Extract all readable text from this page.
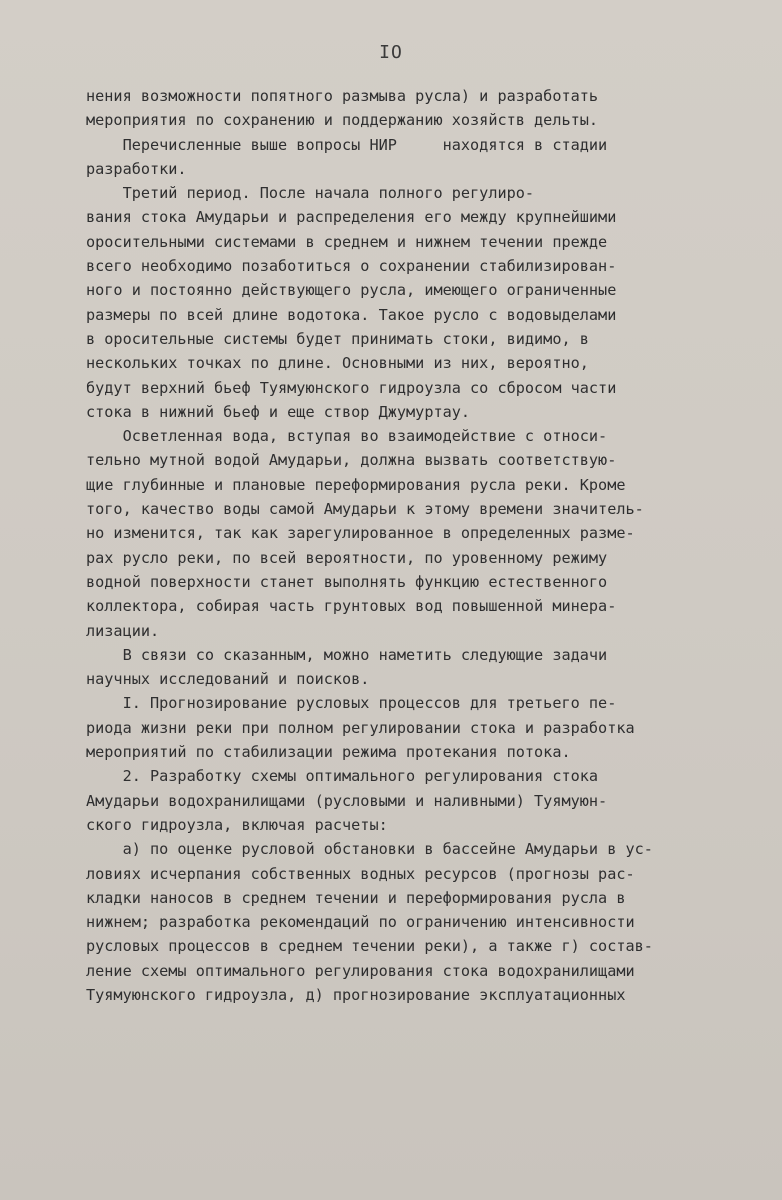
IO
нения возможности попятного размыва русла) и разработать
мероприятия по сохранению и поддержанию хозяйств дельты.
Перечисленные выше вопросы НИР     находятся в стадии
разработки.
Третий период. После начала полного регулиро-
вания стока Амударьи и распределения его между крупнейшими
оросительными системами в среднем и нижнем течении прежде
всего необходимо позаботиться о сохранении стабилизирован-
ного и постоянно действующего русла, имеющего ограниченные
размеры по всей длине водотока. Такое русло с водовыделами
в оросительные системы будет принимать стоки, видимо, в
нескольких точках по длине. Основными из них, вероятно,
будут верхний бьеф Туямуюнского гидроузла со сбросом части
стока в нижний бьеф и еще створ Джумуртау.
Осветленная вода, вступая во взаимодействие с относи-
тельно мутной водой Амударьи, должна вызвать соответствую-
щие глубинные и плановые переформирования русла реки. Кроме
того, качество воды самой Амударьи к этому времени значитель-
но изменится, так как зарегулированное в определенных разме-
рах русло реки, по всей вероятности, по уровенному режиму
водной поверхности станет выполнять функцию естественного
коллектора, собирая часть грунтовых вод повышенной минера-
лизации.
В связи со сказанным, можно наметить следующие задачи
научных исследований и поисков.
I. Прогнозирование русловых процессов для третьего пе-
риода жизни реки при полном регулировании стока и разработка
мероприятий по стабилизации режима протекания потока.
2. Разработку схемы оптимального регулирования стока
Амударьи водохранилищами (русловыми и наливными) Туямуюн-
ского гидроузла, включая расчеты:
а) по оценке русловой обстановки в бассейне Амударьи в ус-
ловиях исчерпания собственных водных ресурсов (прогнозы рас-
кладки наносов в среднем течении и переформирования русла в
нижнем; разработка рекомендаций по ограничению интенсивности
русловых процессов в среднем течении реки), а также г) состав-
ление схемы оптимального регулирования стока водохранилищами
Туямуюнского гидроузла, д) прогнозирование эксплуатационных
